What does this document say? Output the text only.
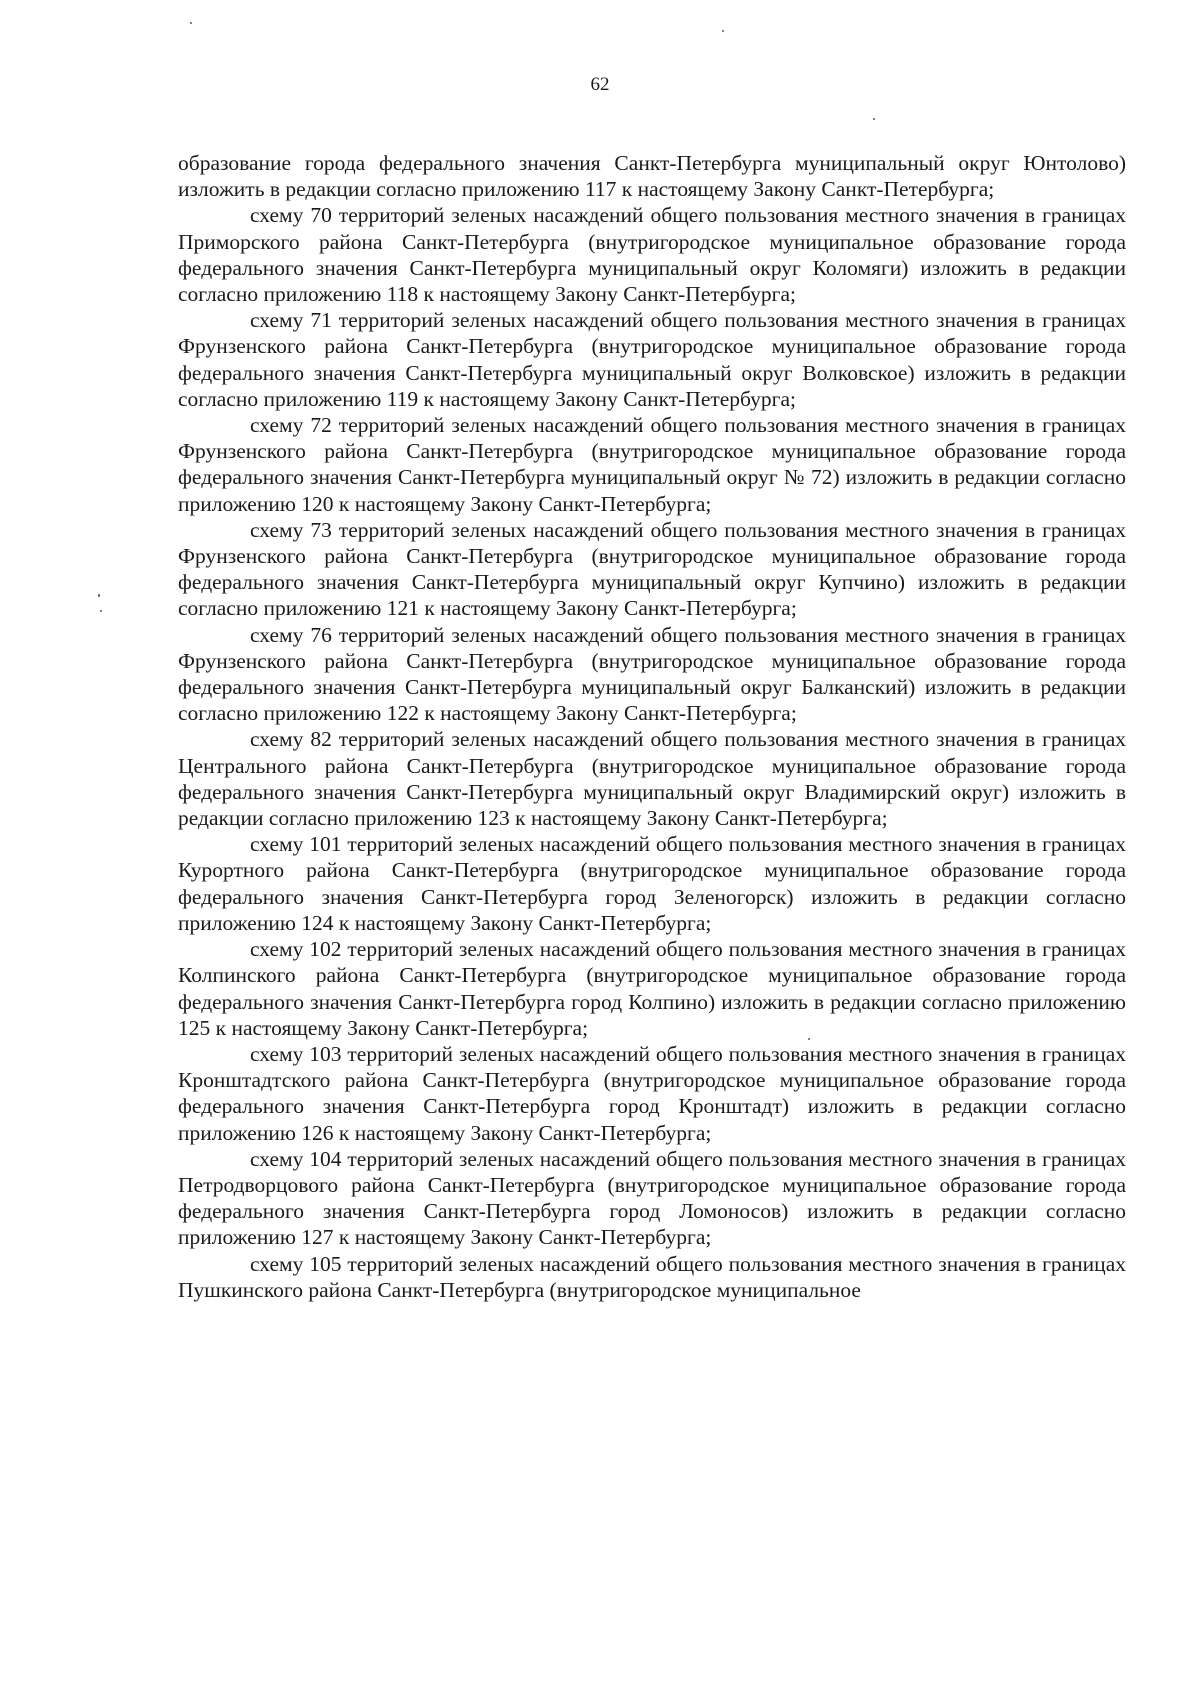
62

образование города федерального значения Санкт-Петербурга муниципальный округ Юнтолово) изложить в редакции согласно приложению 117 к настоящему Закону Санкт-Петербурга;

схему 70 территорий зеленых насаждений общего пользования местного значения в границах Приморского района Санкт-Петербурга (внутригородское муниципальное образование города федерального значения Санкт-Петербурга муниципальный округ Коломяги) изложить в редакции согласно приложению 118 к настоящему Закону Санкт-Петербурга;

схему 71 территорий зеленых насаждений общего пользования местного значения в границах Фрунзенского района Санкт-Петербурга (внутригородское муниципальное образование города федерального значения Санкт-Петербурга муниципальный округ Волковское) изложить в редакции согласно приложению 119 к настоящему Закону Санкт-Петербурга;

схему 72 территорий зеленых насаждений общего пользования местного значения в границах Фрунзенского района Санкт-Петербурга (внутригородское муниципальное образование города федерального значения Санкт-Петербурга муниципальный округ № 72) изложить в редакции согласно приложению 120 к настоящему Закону Санкт-Петербурга;

схему 73 территорий зеленых насаждений общего пользования местного значения в границах Фрунзенского района Санкт-Петербурга (внутригородское муниципальное образование города федерального значения Санкт-Петербурга муниципальный округ Купчино) изложить в редакции согласно приложению 121 к настоящему Закону Санкт-Петербурга;

схему 76 территорий зеленых насаждений общего пользования местного значения в границах Фрунзенского района Санкт-Петербурга (внутригородское муниципальное образование города федерального значения Санкт-Петербурга муниципальный округ Балканский) изложить в редакции согласно приложению 122 к настоящему Закону Санкт-Петербурга;

схему 82 территорий зеленых насаждений общего пользования местного значения в границах Центрального района Санкт-Петербурга (внутригородское муниципальное образование города федерального значения Санкт-Петербурга муниципальный округ Владимирский округ) изложить в редакции согласно приложению 123 к настоящему Закону Санкт-Петербурга;

схему 101 территорий зеленых насаждений общего пользования местного значения в границах Курортного района Санкт-Петербурга (внутригородское муниципальное образование города федерального значения Санкт-Петербурга город Зеленогорск) изложить в редакции согласно приложению 124 к настоящему Закону Санкт-Петербурга;

схему 102 территорий зеленых насаждений общего пользования местного значения в границах Колпинского района Санкт-Петербурга (внутригородское муниципальное образование города федерального значения Санкт-Петербурга город Колпино) изложить в редакции согласно приложению 125 к настоящему Закону Санкт-Петербурга;

схему 103 территорий зеленых насаждений общего пользования местного значения в границах Кронштадтского района Санкт-Петербурга (внутригородское муниципальное образование города федерального значения Санкт-Петербурга город Кронштадт) изложить в редакции согласно приложению 126 к настоящему Закону Санкт-Петербурга;

схему 104 территорий зеленых насаждений общего пользования местного значения в границах Петродворцового района Санкт-Петербурга (внутригородское муниципальное образование города федерального значения Санкт-Петербурга город Ломоносов) изложить в редакции согласно приложению 127 к настоящему Закону Санкт-Петербурга;

схему 105 территорий зеленых насаждений общего пользования местного значения в границах Пушкинского района Санкт-Петербурга (внутригородское муниципальное
